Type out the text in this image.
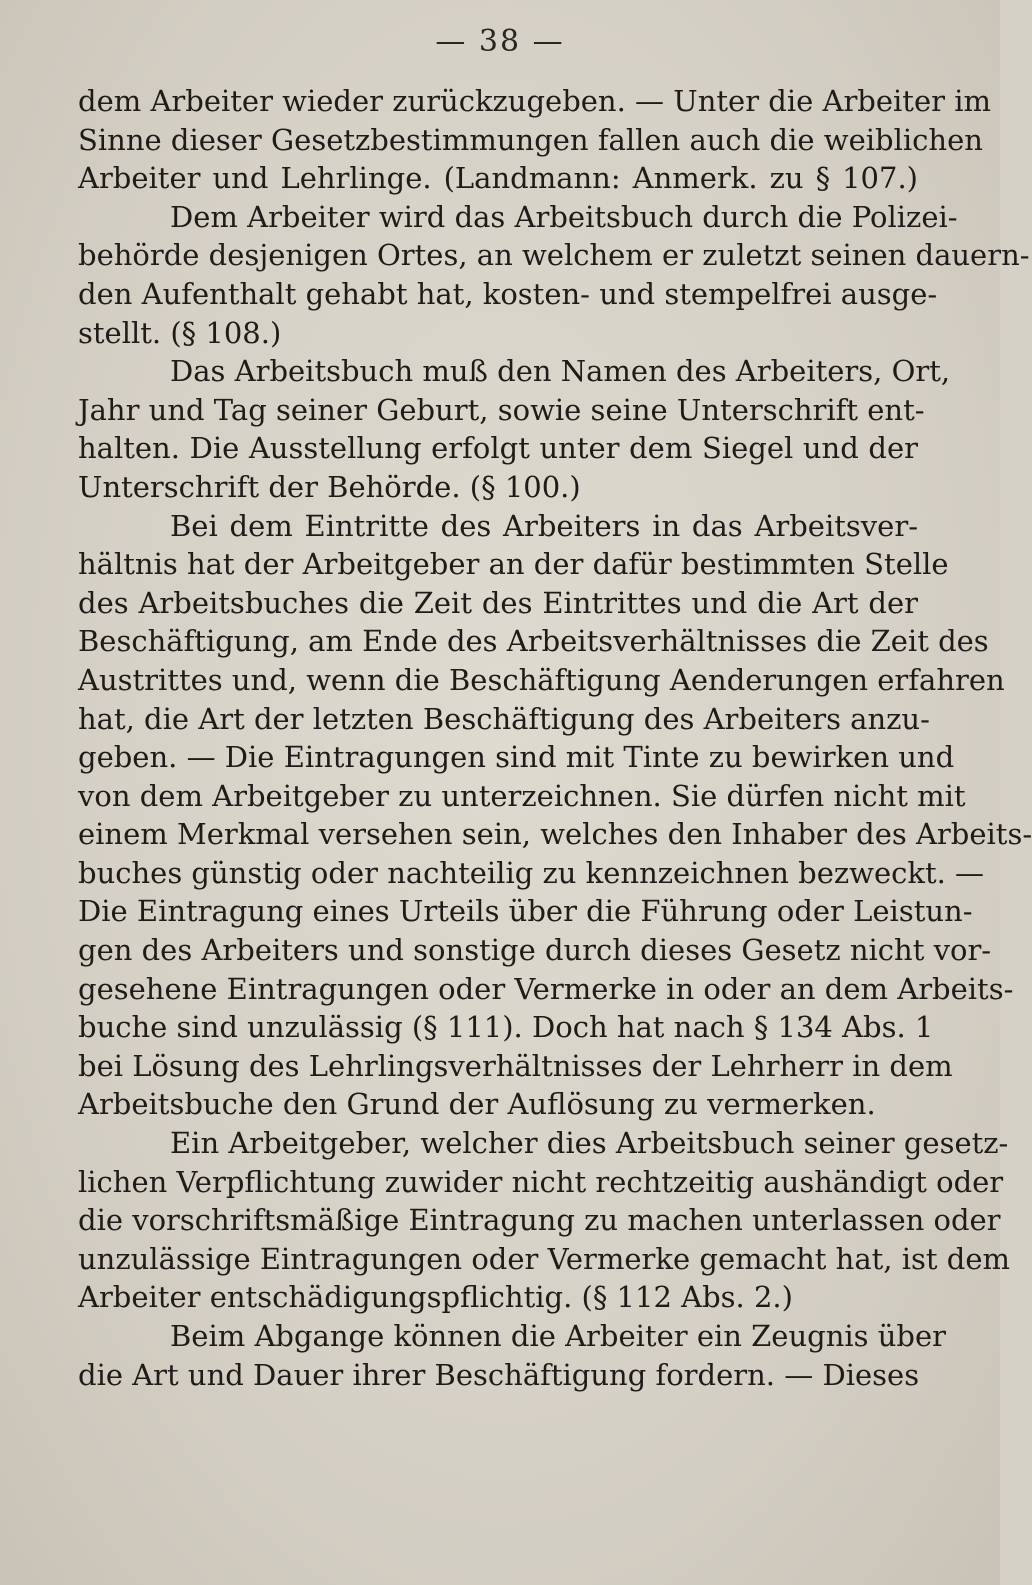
— 38 —
dem Arbeiter wieder zurückzugeben. — Unter die Arbeiter im
Sinne dieser Gesetzbestimmungen fallen auch die weiblichen
Arbeiter und Lehrlinge. (Landmann: Anmerk. zu § 107.)
Dem Arbeiter wird das Arbeitsbuch durch die Polizei-
behörde desjenigen Ortes, an welchem er zuletzt seinen dauern-
den Aufenthalt gehabt hat, kosten- und stempelfrei ausge-
stellt. (§ 108.)
Das Arbeitsbuch muß den Namen des Arbeiters, Ort,
Jahr und Tag seiner Geburt, sowie seine Unterschrift ent-
halten. Die Ausstellung erfolgt unter dem Siegel und der
Unterschrift der Behörde. (§ 100.)
Bei dem Eintritte des Arbeiters in das Arbeitsver-
hältnis hat der Arbeitgeber an der dafür bestimmten Stelle
des Arbeitsbuches die Zeit des Eintrittes und die Art der
Beschäftigung, am Ende des Arbeitsverhältnisses die Zeit des
Austrittes und, wenn die Beschäftigung Aenderungen erfahren
hat, die Art der letzten Beschäftigung des Arbeiters anzu-
geben. — Die Eintragungen sind mit Tinte zu bewirken und
von dem Arbeitgeber zu unterzeichnen. Sie dürfen nicht mit
einem Merkmal versehen sein, welches den Inhaber des Arbeits-
buches günstig oder nachteilig zu kennzeichnen bezweckt. —
Die Eintragung eines Urteils über die Führung oder Leistun-
gen des Arbeiters und sonstige durch dieses Gesetz nicht vor-
gesehene Eintragungen oder Vermerke in oder an dem Arbeits-
buche sind unzulässig (§ 111). Doch hat nach § 134 Abs. 1
bei Lösung des Lehrlingsverhältnisses der Lehrherr in dem
Arbeitsbuche den Grund der Auflösung zu vermerken.
Ein Arbeitgeber, welcher dies Arbeitsbuch seiner gesetz-
lichen Verpflichtung zuwider nicht rechtzeitig aushändigt oder
die vorschriftsmäßige Eintragung zu machen unterlassen oder
unzulässige Eintragungen oder Vermerke gemacht hat, ist dem
Arbeiter entschädigungspflichtig. (§ 112 Abs. 2.)
Beim Abgange können die Arbeiter ein Zeugnis über
die Art und Dauer ihrer Beschäftigung fordern. — Dieses
